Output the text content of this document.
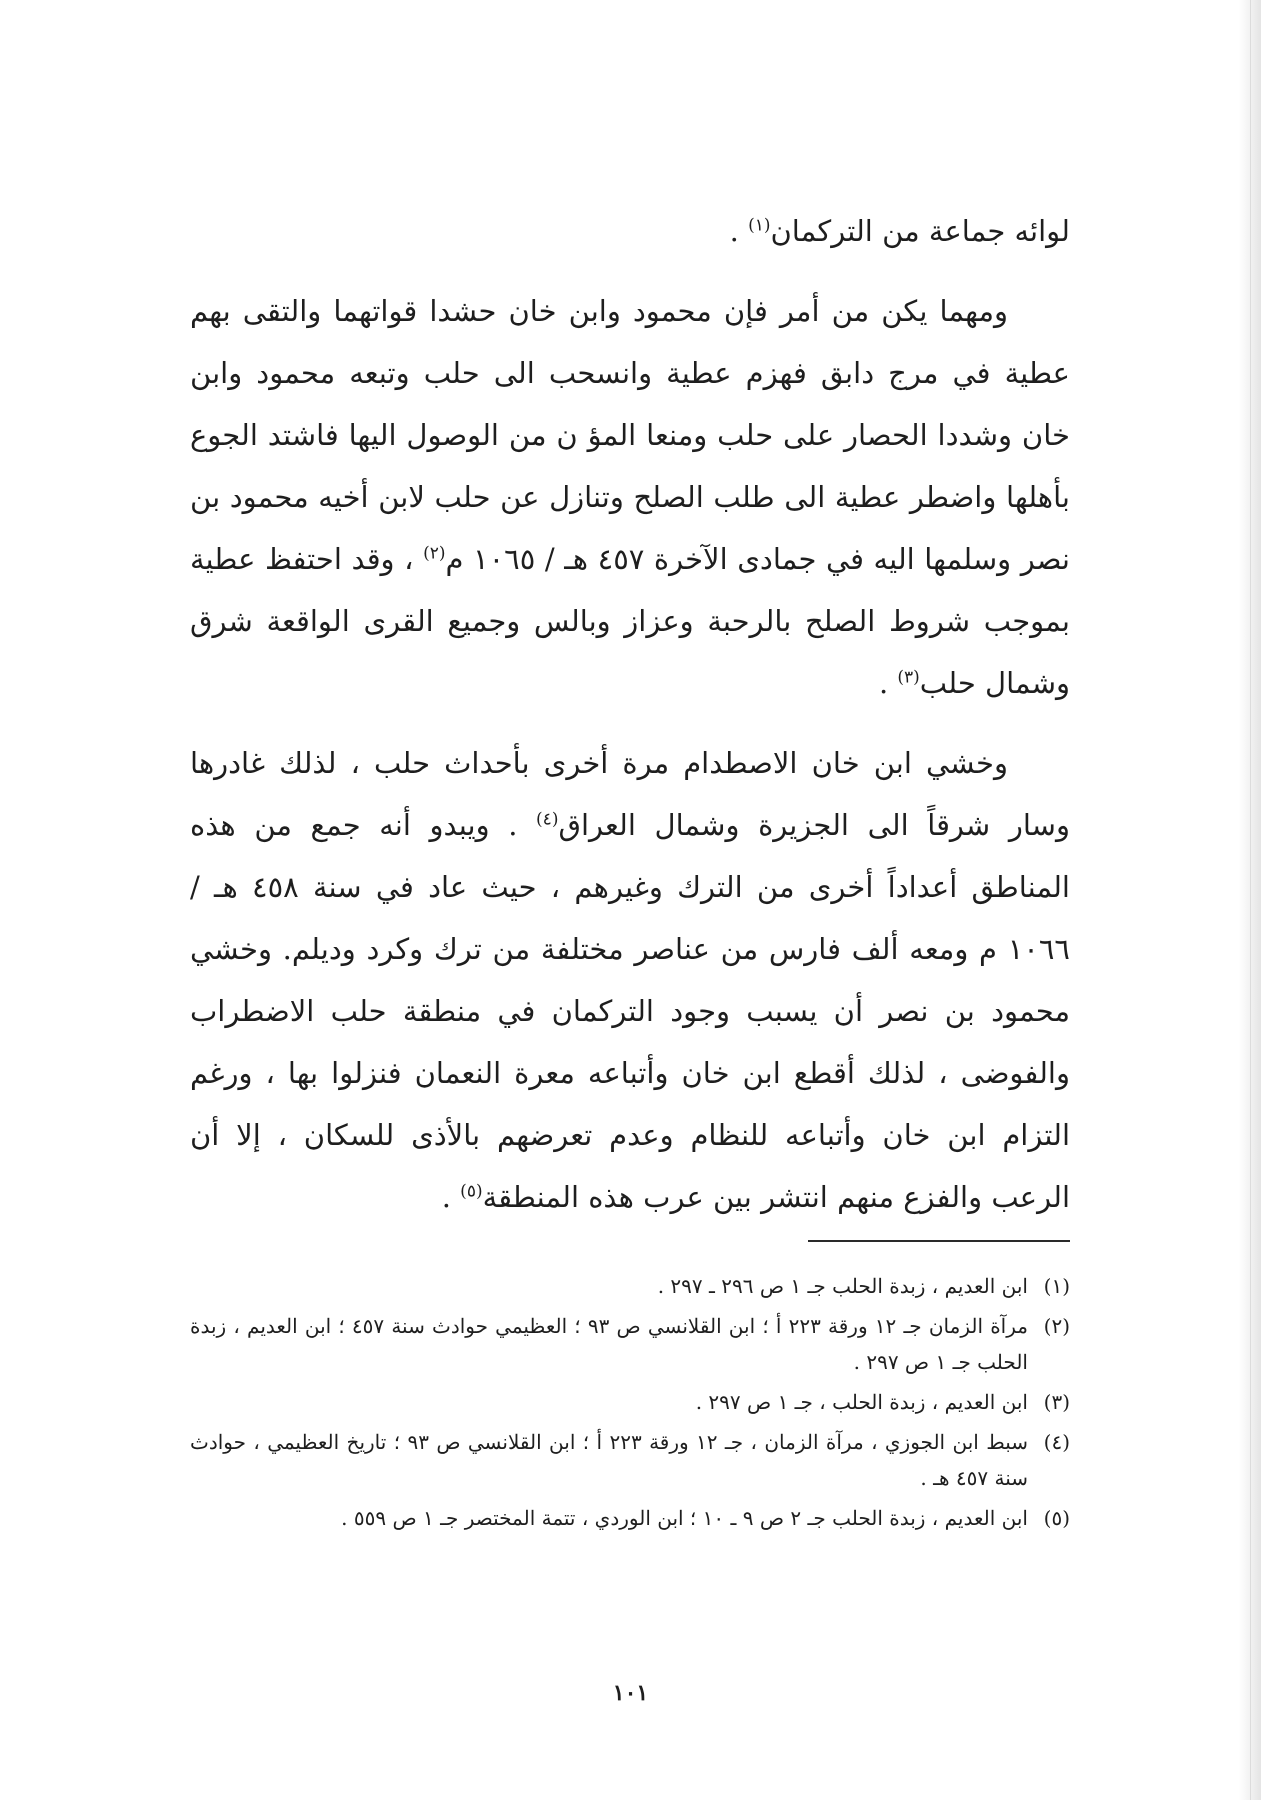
لوائه جماعة من التركمان$^{(١)}$ .

ومهما يكن من أمر فإن محمود وابن خان حشدا قواتهما والتقى بهم عطية في مرج دابق فهزم عطية وانسحب الى حلب وتبعه محمود وابن خان وشددا الحصار على حلب ومنعا المؤ ن من الوصول اليها فاشتد الجوع بأهلها واضطر عطية الى طلب الصلح وتنازل عن حلب لابن أخيه محمود بن نصر وسلمها اليه في جمادى الآخرة ٤٥٧ هـ / ١٠٦٥ م$^{(٢)}$ ، وقد احتفظ عطية بموجب شروط الصلح بالرحبة وعزاز وبالس وجميع القرى الواقعة شرق وشمال حلب$^{(٣)}$ .

وخشي ابن خان الاصطدام مرة أخرى بأحداث حلب ، لذلك غادرها وسار شرقاً الى الجزيرة وشمال العراق$^{(٤)}$ . ويبدو أنه جمع من هذه المناطق أعداداً أخرى من الترك وغيرهم ، حيث عاد في سنة ٤٥٨ هـ / ١٠٦٦ م ومعه ألف فارس من عناصر مختلفة من ترك وكرد وديلم. وخشي محمود بن نصر أن يسبب وجود التركمان في منطقة حلب الاضطراب والفوضى ، لذلك أقطع ابن خان وأتباعه معرة النعمان فنزلوا بها ، ورغم التزام ابن خان وأتباعه للنظام وعدم تعرضهم بالأذى للسكان ، إلا أن الرعب والفزع منهم انتشر بين عرب هذه المنطقة$^{(٥)}$ .

(١)
ابن العديم ، زبدة الحلب جـ ١ ص ٢٩٦ ـ ٢٩٧ .
(٢)
مرآة الزمان جـ ١٢ ورقة ٢٢٣ أ ؛ ابن القلانسي ص ٩٣ ؛ العظيمي حوادث سنة ٤٥٧ ؛ ابن العديم ، زبدة الحلب جـ ١ ص ٢٩٧ .
(٣)
ابن العديم ، زبدة الحلب ، جـ ١ ص ٢٩٧ .
(٤)
سبط ابن الجوزي ، مرآة الزمان ، جـ ١٢ ورقة ٢٢٣ أ ؛ ابن القلانسي ص ٩٣ ؛ تاريخ العظيمي ، حوادث سنة ٤٥٧ هـ .
(٥)
ابن العديم ، زبدة الحلب جـ ٢ ص ٩ ـ ١٠ ؛ ابن الوردي ، تتمة المختصر جـ ١ ص ٥٥٩ .
١٠١
